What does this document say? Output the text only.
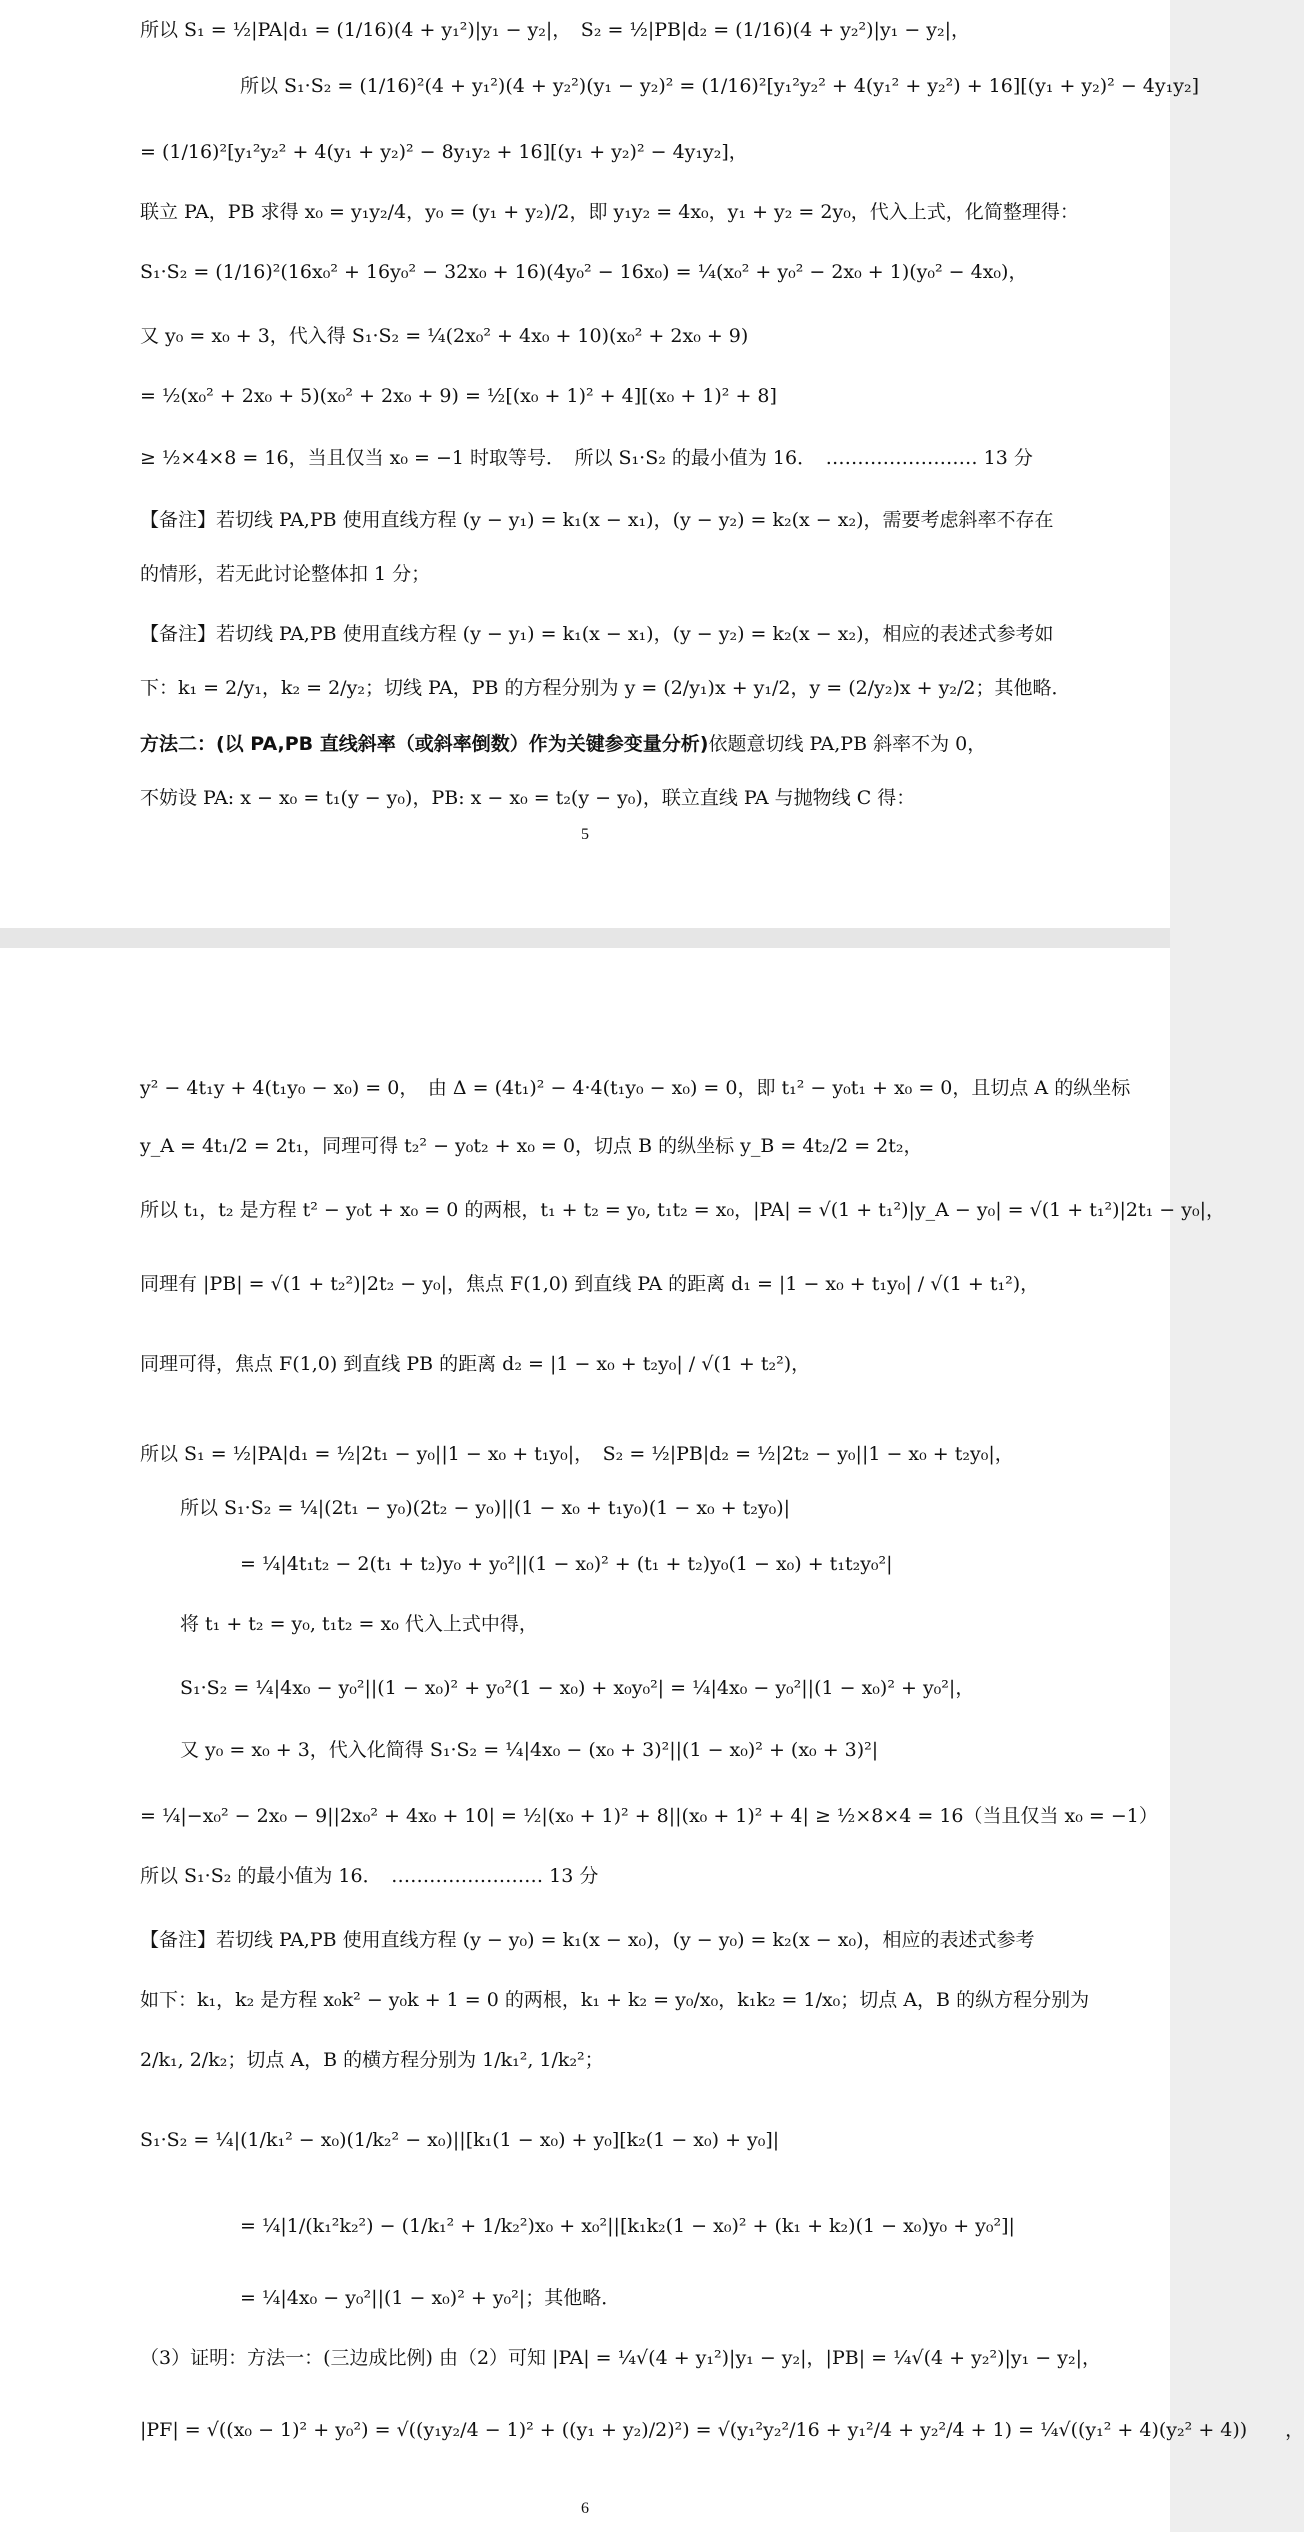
所以 S₁ = ½|PA|d₁ = (1/16)(4 + y₁²)|y₁ − y₂|，　S₂ = ½|PB|d₂ = (1/16)(4 + y₂²)|y₁ − y₂|，
所以 S₁·S₂ = (1/16)²(4 + y₁²)(4 + y₂²)(y₁ − y₂)² = (1/16)²[y₁²y₂² + 4(y₁² + y₂²) + 16][(y₁ + y₂)² − 4y₁y₂]
= (1/16)²[y₁²y₂² + 4(y₁ + y₂)² − 8y₁y₂ + 16][(y₁ + y₂)² − 4y₁y₂]，
联立 PA，PB 求得 x₀ = y₁y₂/4，y₀ = (y₁ + y₂)/2，即 y₁y₂ = 4x₀，y₁ + y₂ = 2y₀，代入上式，化简整理得：
S₁·S₂ = (1/16)²(16x₀² + 16y₀² − 32x₀ + 16)(4y₀² − 16x₀) = ¼(x₀² + y₀² − 2x₀ + 1)(y₀² − 4x₀)，
又 y₀ = x₀ + 3，代入得 S₁·S₂ = ¼(2x₀² + 4x₀ + 10)(x₀² + 2x₀ + 9)
= ½(x₀² + 2x₀ + 5)(x₀² + 2x₀ + 9) = ½[(x₀ + 1)² + 4][(x₀ + 1)² + 8]
≥ ½×4×8 = 16，当且仅当 x₀ = −1 时取等号．　所以 S₁·S₂ 的最小值为 16．　…………………… 13 分
【备注】若切线 PA,PB 使用直线方程 (y − y₁) = k₁(x − x₁)，(y − y₂) = k₂(x − x₂)，需要考虑斜率不存在
的情形，若无此讨论整体扣 1 分；
【备注】若切线 PA,PB 使用直线方程 (y − y₁) = k₁(x − x₁)，(y − y₂) = k₂(x − x₂)，相应的表述式参考如
下：k₁ = 2/y₁，k₂ = 2/y₂；切线 PA，PB 的方程分别为 y = (2/y₁)x + y₁/2，y = (2/y₂)x + y₂/2；其他略．
方法二：(以 PA,PB 直线斜率（或斜率倒数）作为关键参变量分析)依题意切线 PA,PB 斜率不为 0，
不妨设 PA: x − x₀ = t₁(y − y₀)，PB: x − x₀ = t₂(y − y₀)，联立直线 PA 与抛物线 C 得：
5
y² − 4t₁y + 4(t₁y₀ − x₀) = 0，　由 Δ = (4t₁)² − 4·4(t₁y₀ − x₀) = 0，即 t₁² − y₀t₁ + x₀ = 0，且切点 A 的纵坐标
y_A = 4t₁/2 = 2t₁，同理可得 t₂² − y₀t₂ + x₀ = 0，切点 B 的纵坐标 y_B = 4t₂/2 = 2t₂，
所以 t₁，t₂ 是方程 t² − y₀t + x₀ = 0 的两根，t₁ + t₂ = y₀, t₁t₂ = x₀，|PA| = √(1 + t₁²)|y_A − y₀| = √(1 + t₁²)|2t₁ − y₀|，
同理有 |PB| = √(1 + t₂²)|2t₂ − y₀|，焦点 F(1,0) 到直线 PA 的距离 d₁ = |1 − x₀ + t₁y₀| / √(1 + t₁²)，
同理可得，焦点 F(1,0) 到直线 PB 的距离 d₂ = |1 − x₀ + t₂y₀| / √(1 + t₂²)，
所以 S₁ = ½|PA|d₁ = ½|2t₁ − y₀||1 − x₀ + t₁y₀|，　S₂ = ½|PB|d₂ = ½|2t₂ − y₀||1 − x₀ + t₂y₀|，
所以 S₁·S₂ = ¼|(2t₁ − y₀)(2t₂ − y₀)||(1 − x₀ + t₁y₀)(1 − x₀ + t₂y₀)|
= ¼|4t₁t₂ − 2(t₁ + t₂)y₀ + y₀²||(1 − x₀)² + (t₁ + t₂)y₀(1 − x₀) + t₁t₂y₀²|
将 t₁ + t₂ = y₀, t₁t₂ = x₀ 代入上式中得，
S₁·S₂ = ¼|4x₀ − y₀²||(1 − x₀)² + y₀²(1 − x₀) + x₀y₀²| = ¼|4x₀ − y₀²||(1 − x₀)² + y₀²|，
又 y₀ = x₀ + 3，代入化简得 S₁·S₂ = ¼|4x₀ − (x₀ + 3)²||(1 − x₀)² + (x₀ + 3)²|
= ¼|−x₀² − 2x₀ − 9||2x₀² + 4x₀ + 10| = ½|(x₀ + 1)² + 8||(x₀ + 1)² + 4| ≥ ½×8×4 = 16（当且仅当 x₀ = −1）
所以 S₁·S₂ 的最小值为 16．　…………………… 13 分
【备注】若切线 PA,PB 使用直线方程 (y − y₀) = k₁(x − x₀)，(y − y₀) = k₂(x − x₀)，相应的表述式参考
如下：k₁，k₂ 是方程 x₀k² − y₀k + 1 = 0 的两根，k₁ + k₂ = y₀/x₀，k₁k₂ = 1/x₀；切点 A，B 的纵方程分别为
2/k₁, 2/k₂；切点 A，B 的横方程分别为 1/k₁², 1/k₂²；
S₁·S₂ = ¼|(1/k₁² − x₀)(1/k₂² − x₀)||[k₁(1 − x₀) + y₀][k₂(1 − x₀) + y₀]|
= ¼|1/(k₁²k₂²) − (1/k₁² + 1/k₂²)x₀ + x₀²||[k₁k₂(1 − x₀)² + (k₁ + k₂)(1 − x₀)y₀ + y₀²]|
= ¼|4x₀ − y₀²||(1 − x₀)² + y₀²|；其他略．
（3）证明：方法一：(三边成比例) 由（2）可知 |PA| = ¼√(4 + y₁²)|y₁ − y₂|，|PB| = ¼√(4 + y₂²)|y₁ − y₂|，
|PF| = √((x₀ − 1)² + y₀²) = √((y₁y₂/4 − 1)² + ((y₁ + y₂)/2)²) = √(y₁²y₂²/16 + y₁²/4 + y₂²/4 + 1) = ¼√((y₁² + 4)(y₂² + 4))　　，
6
